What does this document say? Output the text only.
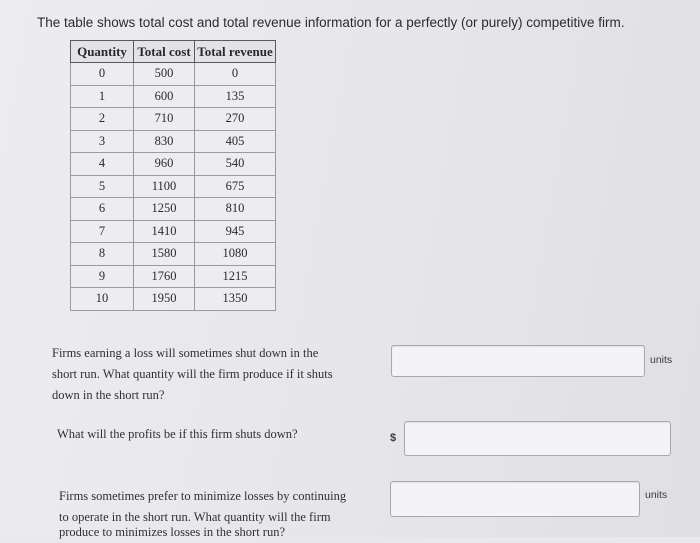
The table shows total cost and total revenue information for a perfectly (or purely) competitive firm.
Quantity	Total cost	Total revenue
0	500	0
1	600	135
2	710	270
3	830	405
4	960	540
5	1100	675
6	1250	810
7	1410	945
8	1580	1080
9	1760	1215
10	1950	1350
Firms earning a loss will sometimes shut down in the
short run. What quantity will the firm produce if it shuts
down in the short run?
units
What will the profits be if this firm shuts down?	$
Firms sometimes prefer to minimize losses by continuing
to operate in the short run. What quantity will the firm
produce to minimizes losses in the short run?
units
